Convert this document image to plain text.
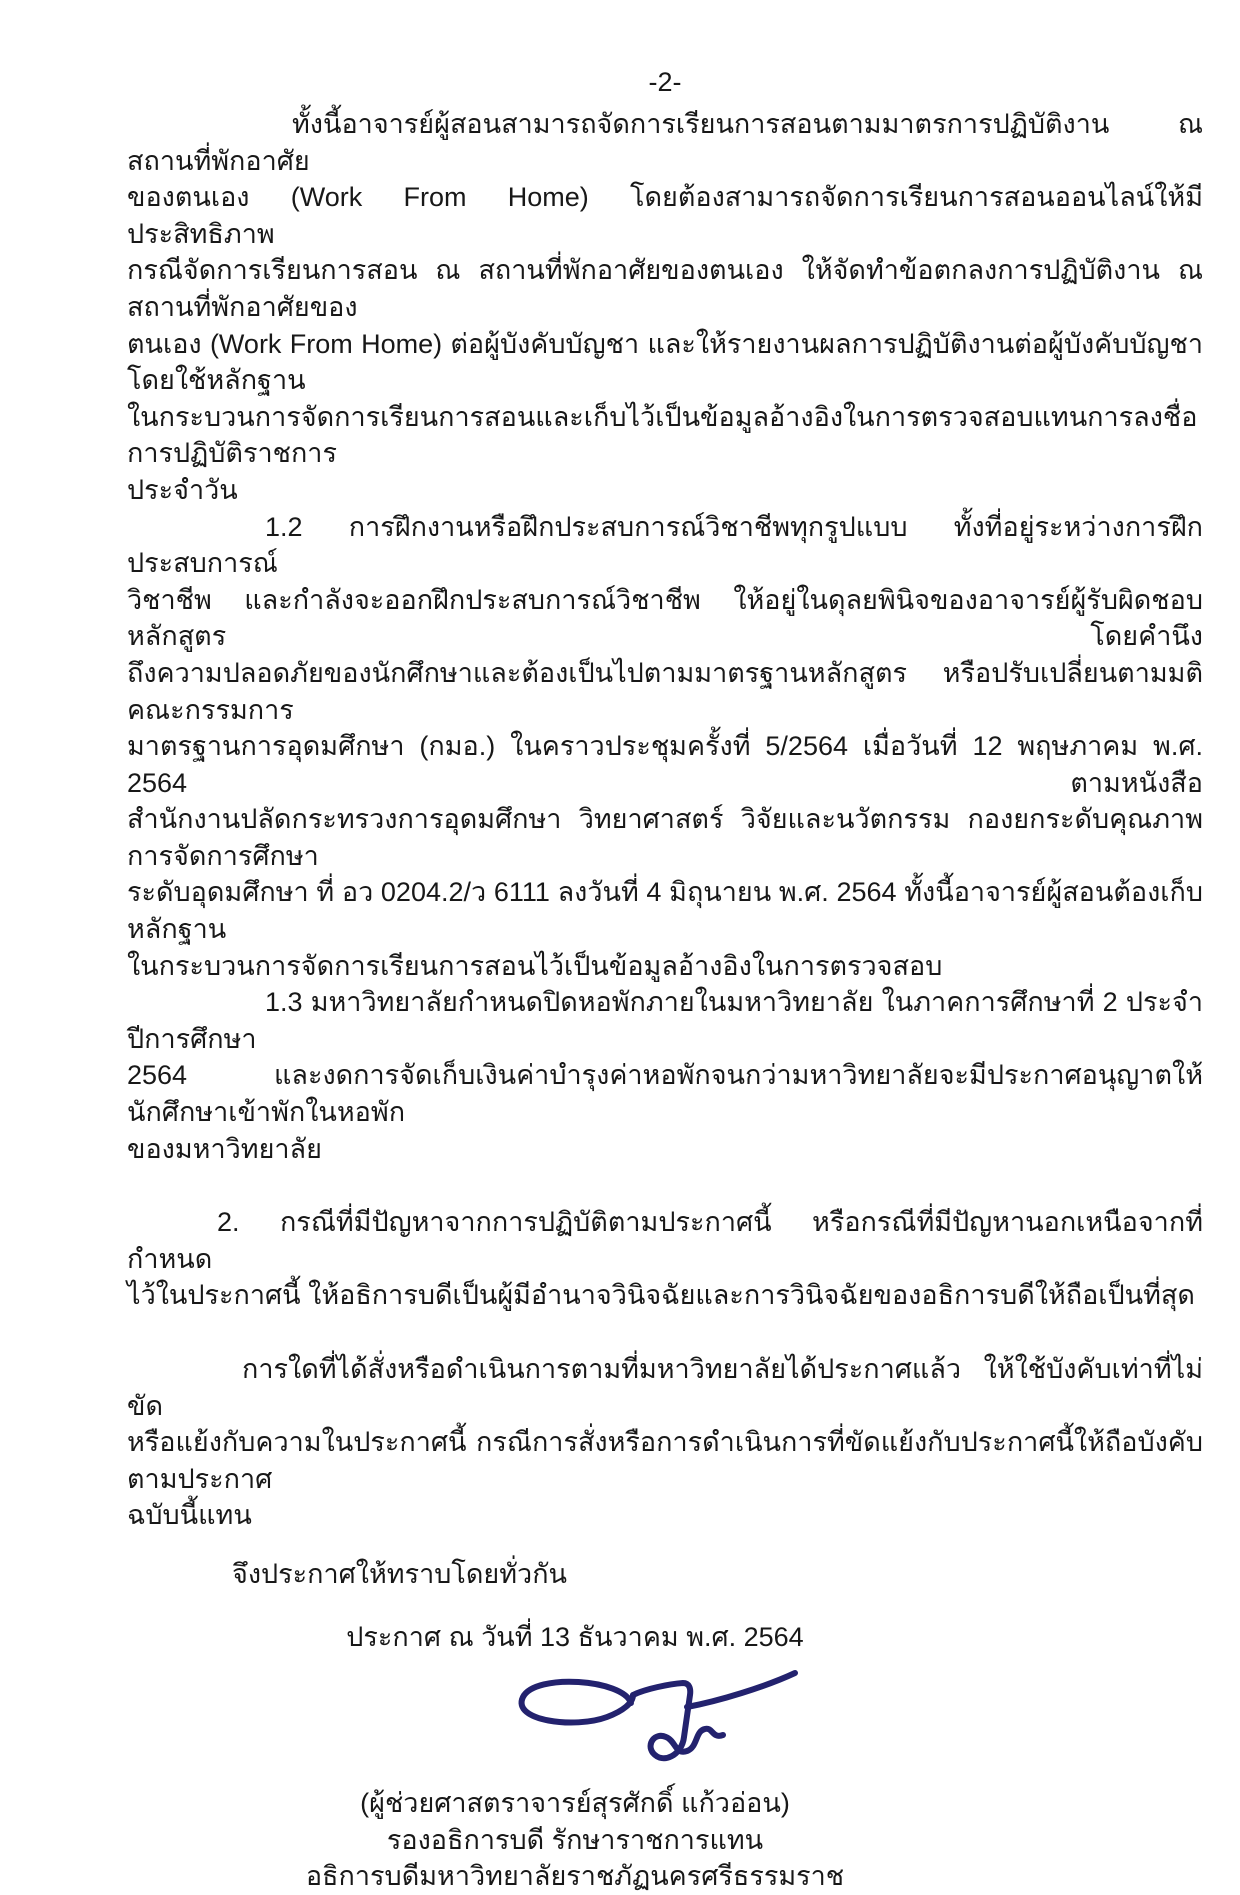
-2-
ทั้งนี้อาจารย์ผู้สอนสามารถจัดการเรียนการสอนตามมาตรการปฏิบัติงาน ณ สถานที่พักอาศัย
ของตนเอง (Work From Home) โดยต้องสามารถจัดการเรียนการสอนออนไลน์ให้มีประสิทธิภาพ
กรณีจัดการเรียนการสอน ณ สถานที่พักอาศัยของตนเอง ให้จัดทำข้อตกลงการปฏิบัติงาน ณ สถานที่พักอาศัยของ
ตนเอง (Work From Home) ต่อผู้บังคับบัญชา และให้รายงานผลการปฏิบัติงานต่อผู้บังคับบัญชาโดยใช้หลักฐาน
ในกระบวนการจัดการเรียนการสอนและเก็บไว้เป็นข้อมูลอ้างอิงในการตรวจสอบแทนการลงชื่อการปฏิบัติราชการ
ประจำวัน
1.2 การฝึกงานหรือฝึกประสบการณ์วิชาชีพทุกรูปแบบ ทั้งที่อยู่ระหว่างการฝึกประสบการณ์
วิชาชีพ และกำลังจะออกฝึกประสบการณ์วิชาชีพ ให้อยู่ในดุลยพินิจของอาจารย์ผู้รับผิดชอบหลักสูตร โดยคำนึง
ถึงความปลอดภัยของนักศึกษาและต้องเป็นไปตามมาตรฐานหลักสูตร หรือปรับเปลี่ยนตามมติคณะกรรมการ
มาตรฐานการอุดมศึกษา (กมอ.) ในคราวประชุมครั้งที่ 5/2564 เมื่อวันที่ 12 พฤษภาคม พ.ศ. 2564 ตามหนังสือ
สำนักงานปลัดกระทรวงการอุดมศึกษา วิทยาศาสตร์ วิจัยและนวัตกรรม กองยกระดับคุณภาพการจัดการศึกษา
ระดับอุดมศึกษา ที่ อว 0204.2/ว 6111 ลงวันที่ 4 มิถุนายน พ.ศ. 2564 ทั้งนี้อาจารย์ผู้สอนต้องเก็บหลักฐาน
ในกระบวนการจัดการเรียนการสอนไว้เป็นข้อมูลอ้างอิงในการตรวจสอบ
1.3 มหาวิทยาลัยกำหนดปิดหอพักภายในมหาวิทยาลัย ในภาคการศึกษาที่ 2 ประจำปีการศึกษา
2564 และงดการจัดเก็บเงินค่าบำรุงค่าหอพักจนกว่ามหาวิทยาลัยจะมีประกาศอนุญาตให้นักศึกษาเข้าพักในหอพัก
ของมหาวิทยาลัย
2. กรณีที่มีปัญหาจากการปฏิบัติตามประกาศนี้ หรือกรณีที่มีปัญหานอกเหนือจากที่กำหนด
ไว้ในประกาศนี้ ให้อธิการบดีเป็นผู้มีอำนาจวินิจฉัยและการวินิจฉัยของอธิการบดีให้ถือเป็นที่สุด
การใดที่ได้สั่งหรือดำเนินการตามที่มหาวิทยาลัยได้ประกาศแล้ว ให้ใช้บังคับเท่าที่ไม่ขัด
หรือแย้งกับความในประกาศนี้ กรณีการสั่งหรือการดำเนินการที่ขัดแย้งกับประกาศนี้ให้ถือบังคับตามประกาศ
ฉบับนี้แทน
จึงประกาศให้ทราบโดยทั่วกัน
ประกาศ ณ วันที่ 13 ธันวาคม พ.ศ. 2564
(ผู้ช่วยศาสตราจารย์สุรศักดิ์ แก้วอ่อน)
รองอธิการบดี รักษาราชการแทน
อธิการบดีมหาวิทยาลัยราชภัฏนครศรีธรรมราช
